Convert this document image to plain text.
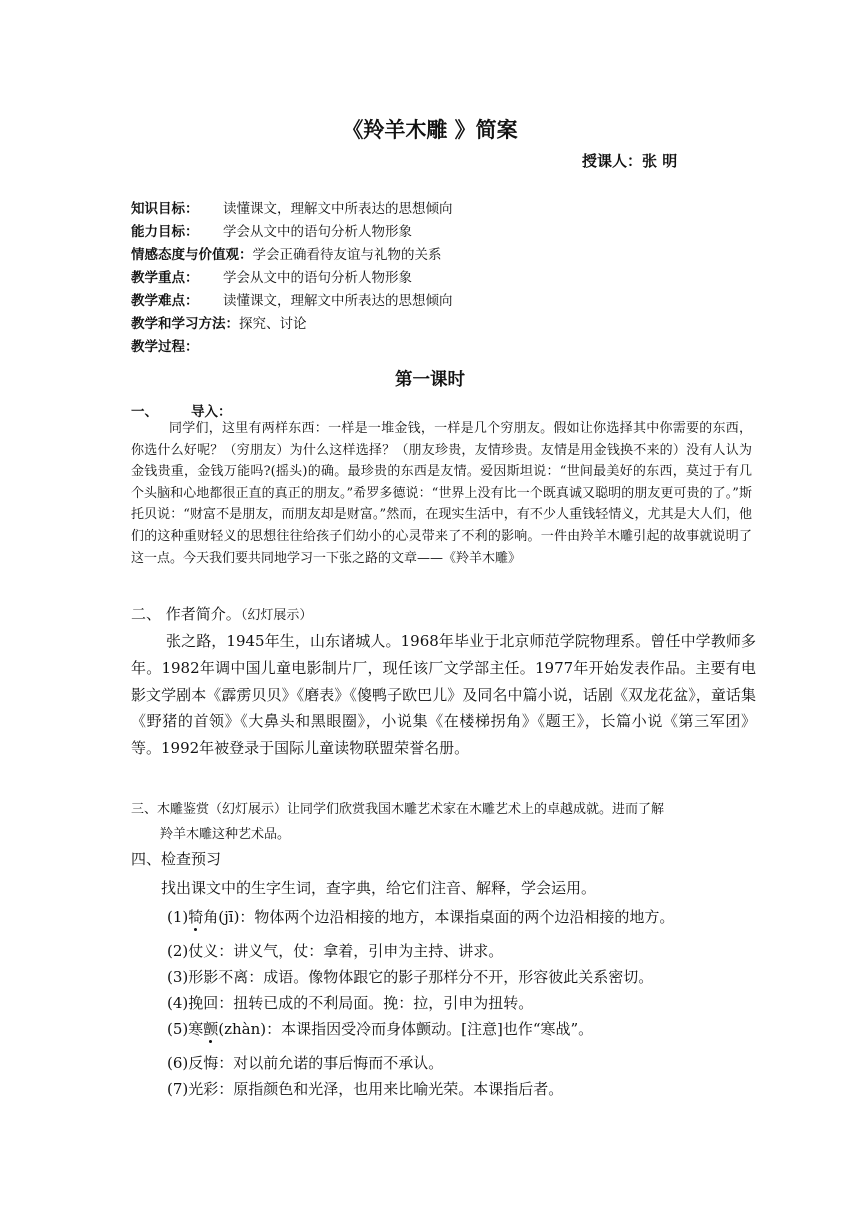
《羚羊木雕 》简案
授课人：张 明
知识目标： 读懂课文，理解文中所表达的思想倾向
能力目标： 学会从文中的语句分析人物形象
情感态度与价值观：学会正确看待友谊与礼物的关系
教学重点： 学会从文中的语句分析人物形象
教学难点： 读懂课文，理解文中所表达的思想倾向
教学和学习方法：探究、讨论
教学过程：
第一课时
一、 导入：
同学们，这里有两样东西：一样是一堆金钱，一样是几个穷朋友。假如让你选择其中你需要的东西，你选什么好呢？（穷朋友）为什么这样选择？（朋友珍贵，友情珍贵。友情是用金钱换不来的）没有人认为金钱贵重，金钱万能吗?(摇头)的确。最珍贵的东西是友情。爱因斯坦说：“世间最美好的东西，莫过于有几个头脑和心地都很正直的真正的朋友。”希罗多德说：“世界上没有比一个既真诚又聪明的朋友更可贵的了。”斯托贝说：“财富不是朋友，而朋友却是财富。”然而，在现实生活中，有不少人重钱轻情义，尤其是大人们，他们的这种重财轻义的思想往往给孩子们幼小的心灵带来了不利的影响。一件由羚羊木雕引起的故事就说明了这一点。今天我们要共同地学习一下张之路的文章——《羚羊木雕》
二、 作者简介。（幻灯展示）
张之路，1945年生，山东诸城人。1968年毕业于北京师范学院物理系。曾任中学教师多年。1982年调中国儿童电影制片厂，现任该厂文学部主任。1977年开始发表作品。主要有电影文学剧本《霹雳贝贝》《磨表》《傻鸭子欧巴儿》及同名中篇小说，话剧《双龙花盆》，童话集《野猪的首领》《大鼻头和黑眼圈》，小说集《在楼梯拐角》《题王》，长篇小说《第三军团》等。1992年被登录于国际儿童读物联盟荣誉名册。
三、木雕鉴赏（幻灯展示）让同学们欣赏我国木雕艺术家在木雕艺术上的卓越成就。进而了解
羚羊木雕这种艺术品。
四、检查预习
找出课文中的生字生词，查字典，给它们注音、解释，学会运用。
(1)犄角(jī)：物体两个边沿相接的地方，本课指桌面的两个边沿相接的地方。
(2)仗义：讲义气，仗：拿着，引申为主持、讲求。
(3)形影不离：成语。像物体跟它的影子那样分不开，形容彼此关系密切。
(4)挽回：扭转已成的不利局面。挽：拉，引申为扭转。
(5)寒颤(zhàn)：本课指因受冷而身体颤动。[注意]也作“寒战”。
(6)反悔：对以前允诺的事后悔而不承认。
(7)光彩：原指颜色和光泽，也用来比喻光荣。本课指后者。
